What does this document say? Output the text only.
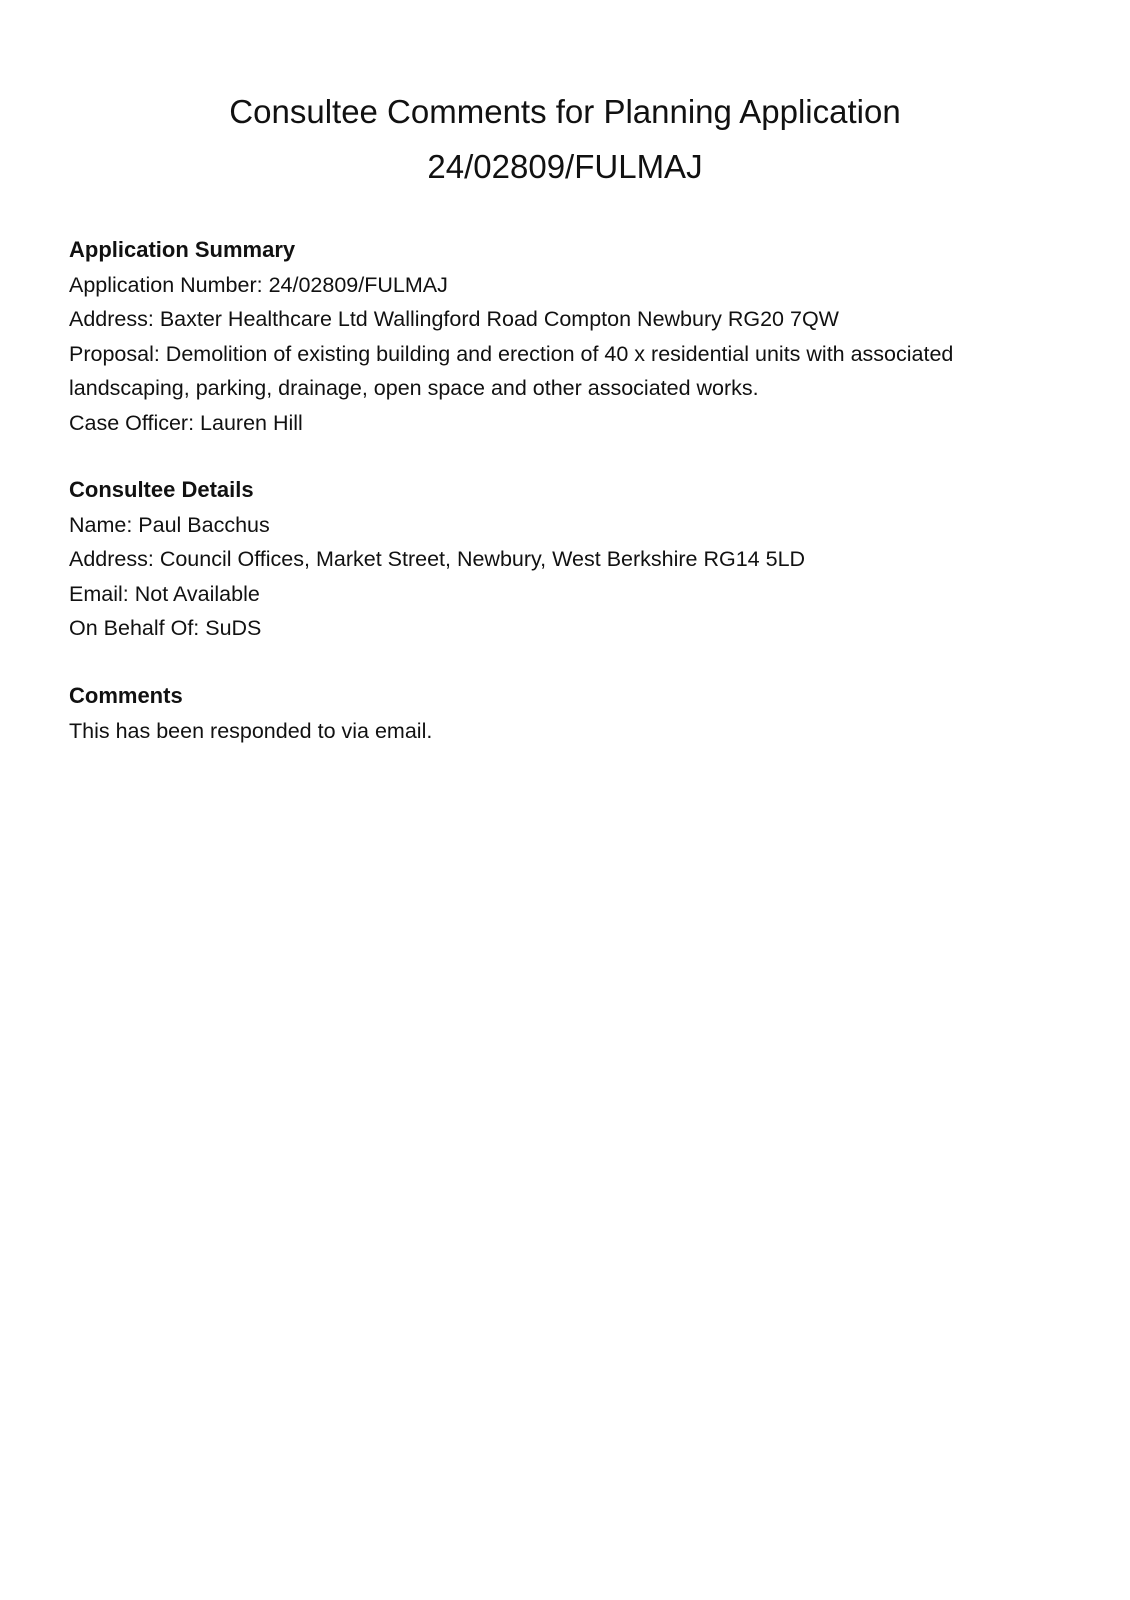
Consultee Comments for Planning Application
24/02809/FULMAJ

Application Summary

Application Number: 24/02809/FULMAJ

Address: Baxter Healthcare Ltd Wallingford Road Compton Newbury RG20 7QW

Proposal: Demolition of existing building and erection of 40 x residential units with associated

landscaping, parking, drainage, open space and other associated works.

Case Officer: Lauren Hill

Consultee Details

Name: Paul Bacchus

Address: Council Offices, Market Street, Newbury, West Berkshire RG14 5LD

Email: Not Available

On Behalf Of: SuDS

Comments

This has been responded to via email.
